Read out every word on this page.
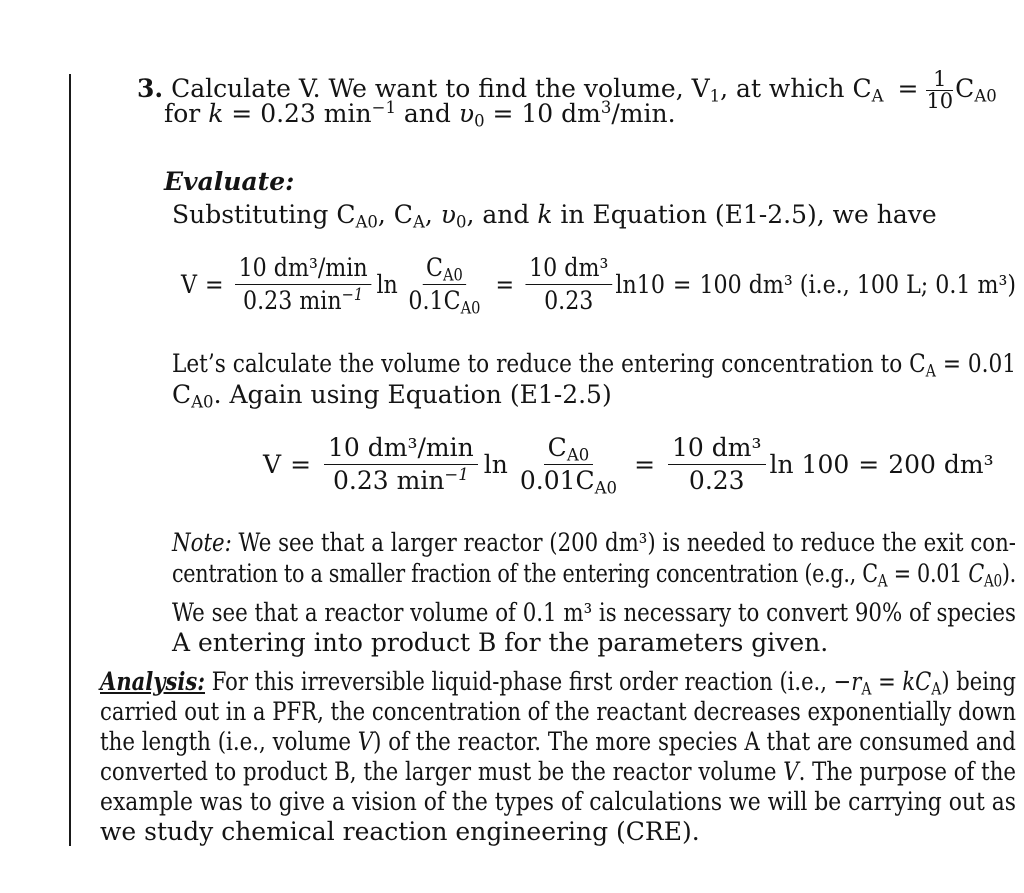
3. Calculate V. We want to find the volume, $V_1$, at which $C_A = \frac{1}{10} C_{A0}$
for k = 0.23 $\min^{-1}$ and $\upsilon_0 = 10$ $dm^3/\min$.
Evaluate:
Substituting $C_{A0}$, $C_A$, $\upsilon_0$, and k in Equation (E1-2.5), we have
$V = \frac{\text{10 dm³/min}}{0.23 \min^{-1}}$ $\ln \frac{C_{A0}}{0.1C_{A0}} = \frac{\text{10 dm³}}{0.23} \ln 10 = 100$ dm³ (i.e., 100 L; 0.1 m³)
Let’s calculate the volume to reduce the entering concentration to $C_A = 0.01$
$C_{A0}$. Again using Equation (E1-2.5)
$V = \frac{\text{10 dm³/min}}{0.23 \min^{-1}}$ $\ln \frac{C_{A0}}{0.01C_{A0}} = \frac{\text{10 dm³}}{0.23}$ ln 100 = 200 dm³
Note: We see that a larger reactor (200 dm³) is needed to reduce the exit con-
centration to a smaller fraction of the entering concentration (e.g., $C_A = 0.01$ $C_{A0}$).
We see that a reactor volume of 0.1 m³ is necessary to convert 90% of species
A entering into product B for the parameters given.
Analysis: For this irreversible liquid-phase first order reaction (i.e., $-r_A = kC_A$) being
carried out in a PFR, the concentration of the reactant decreases exponentially down
the length (i.e., volume V) of the reactor. The more species A that are consumed and
converted to product B, the larger must be the reactor volume V. The purpose of the
example was to give a vision of the types of calculations we will be carrying out as
we study chemical reaction engineering (CRE).
